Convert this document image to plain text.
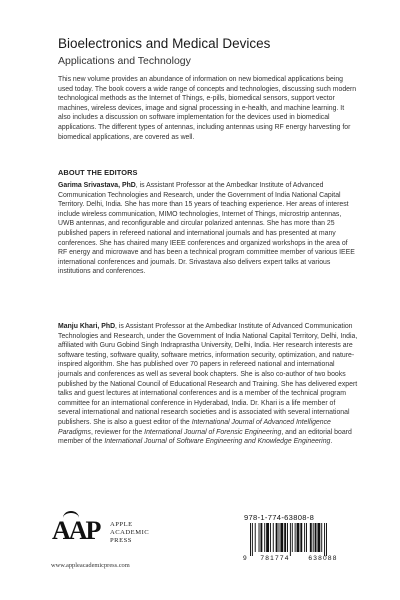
Bioelectronics and Medical Devices
Applications and Technology

This new volume provides an abundance of information on new biomedical applications being used today. The book covers a wide range of concepts and technologies, discussing such modern technological methods as the Internet of Things, e-pills, biomedical sensors, support vector machines, wireless devices, image and signal processing in e-health, and machine learning. It also includes a discussion on software implementation for the devices used in biomedical applications. The different types of antennas, including antennas using RF energy harvesting for biomedical applications, are covered as well.

ABOUT THE EDITORS

Garima Srivastava, PhD, is Assistant Professor at the Ambedkar Institute of Advanced Communication Technologies and Research, under the Government of India National Capital Territory. Delhi, India. She has more than 15 years of teaching experience. Her areas of interest include wireless communication, MIMO technologies, Internet of Things, microstrip antennas, UWB antennas, and reconfigurable and circular polarized antennas. She has more than 25 published papers in refereed national and international journals and has presented at many conferences. She has chaired many IEEE conferences and organized workshops in the area of RF energy and microwave and has been a technical program committee member of various IEEE international conferences and journals. Dr. Srivastava also delivers expert talks at various institutions and conferences.

Manju Khari, PhD, is Assistant Professor at the Ambedkar Institute of Advanced Communication Technologies and Research, under the Government of India National Capital Territory, Delhi, India, affiliated with Guru Gobind Singh Indraprastha University, Delhi, India. Her research interests are software testing, software quality, software metrics, information security, optimization, and nature-inspired algorithm. She has published over 70 papers in refereed national and international journals and conferences as well as several book chapters. She is also co-author of two books published by the National Council of Educational Research and Training. She has delivered expert talks and guest lectures at international conferences and is a member of the technical program committee for an international conference in Hyderabad, India. Dr. Khari is a life member of several international and national research societies and is associated with several international publishers. She is also a guest editor of the International Journal of Advanced Intelligence Paradigms, reviewer for the International Journal of Forensic Engineering, and an editorial board member of the International Journal of Software Engineering and Knowledge Engineering.

AAP APPLE
ACADEMIC
PRESS
www.appleacademicpress.com
978-1-774-63808-8
9 781774	638088
